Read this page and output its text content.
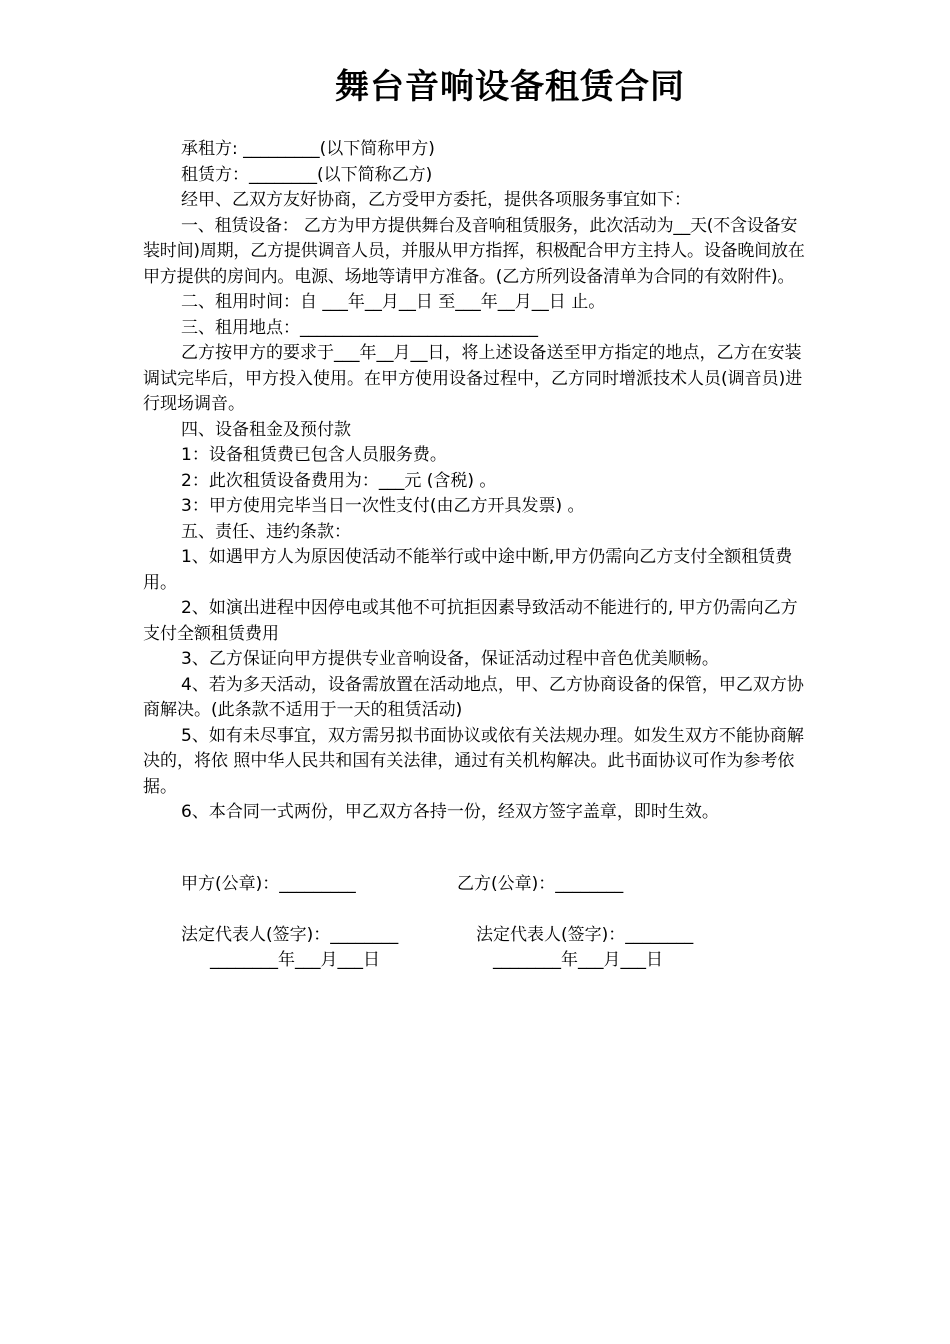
舞台音响设备租赁合同

承租方: _________(以下简称甲方)

租赁方：________(以下简称乙方)

经甲、乙双方友好协商，乙方受甲方委托，提供各项服务事宜如下：

一、租赁设备： 乙方为甲方提供舞台及音响租赁服务，此次活动为__天(不含设备安装时间)周期，乙方提供调音人员，并服从甲方指挥，积极配合甲方主持人。设备晚间放在甲方提供的房间内。电源、场地等请甲方准备。(乙方所列设备清单为合同的有效附件)。

二、租用时间：自 ___年__月__日 至___年__月__日 止。

三、租用地点：____________________________

乙方按甲方的要求于___年__月__日，将上述设备送至甲方指定的地点，乙方在安装调试完毕后，甲方投入使用。在甲方使用设备过程中，乙方同时增派技术人员(调音员)进行现场调音。

四、设备租金及预付款

1：设备租赁费已包含人员服务费。

2：此次租赁设备费用为：___元 (含税) 。

3：甲方使用完毕当日一次性支付(由乙方开具发票) 。

五、责任、违约条款：

1、如遇甲方人为原因使活动不能举行或中途中断,甲方仍需向乙方支付全额租赁费用。

2、如演出进程中因停电或其他不可抗拒因素导致活动不能进行的, 甲方仍需向乙方支付全额租赁费用

3、乙方保证向甲方提供专业音响设备，保证活动过程中音色优美顺畅。

4、若为多天活动，设备需放置在活动地点，甲、乙方协商设备的保管，甲乙双方协商解决。(此条款不适用于一天的租赁活动)

5、如有未尽事宜，双方需另拟书面协议或依有关法规办理。如发生双方不能协商解决的，将依 照中华人民共和国有关法律，通过有关机构解决。此书面协议可作为参考依据。

6、本合同一式两份，甲乙双方各持一份，经双方签字盖章，即时生效。

甲方(公章)：_________	乙方(公章)：________
法定代表人(签字)：________	法定代表人(签字)：________
________年___月___日	________年___月___日
